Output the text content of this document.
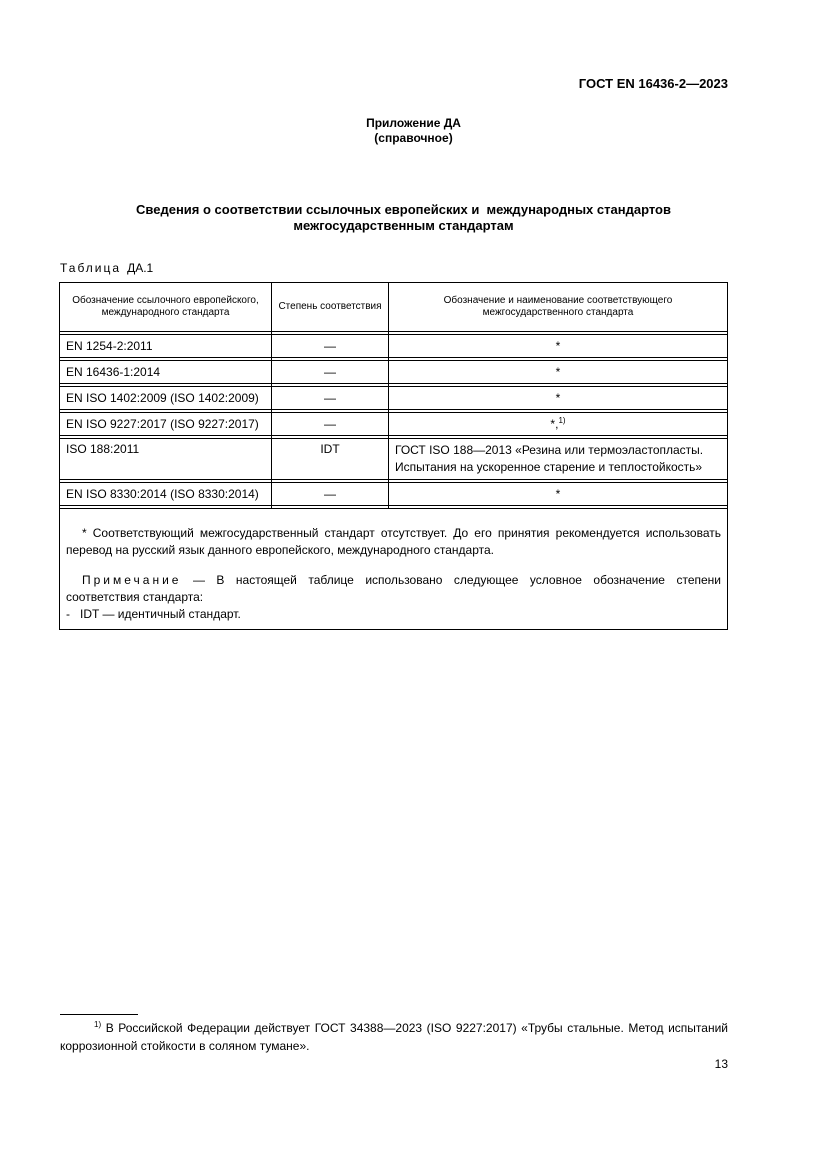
ГОСТ EN 16436-2—2023
Приложение ДА
(справочное)
Сведения о соответствии ссылочных европейских и  международных стандартов
межгосударственным стандартам
Таблица ДА.1
Обозначение ссылочного европейского, международного стандарта	Степень соответствия	Обозначение и наименование соответствующего межгосударственного стандарта

EN 1254-2:2011	—	*

EN 16436-1:2014	—	*

EN ISO 1402:2009 (ISO 1402:2009)	—	*

EN ISO 9227:2017 (ISO 9227:2017)	—	*,$^{1)}$

ISO 188:2011	IDT	ГОСТ ISO 188—2013 «Резина или термоэластопласты. Испытания на ускоренное старение и теплостойкость»

EN ISO 8330:2014 (ISO 8330:2014)	—	*

* Соответствующий межгосударственный стандарт отсутствует. До его принятия рекомендуется использовать перевод на русский язык данного европейского, международного стандарта.

Примечание — В настоящей таблице использовано следующее условное обозначение степени соответствия стандарта:

-   IDT — идентичный стандарт.		

$^{1)}$ В Российской Федерации действует ГОСТ 34388—2023 (ISO 9227:2017) «Трубы стальные. Метод испытаний коррозионной стойкости в соляном тумане».
13
